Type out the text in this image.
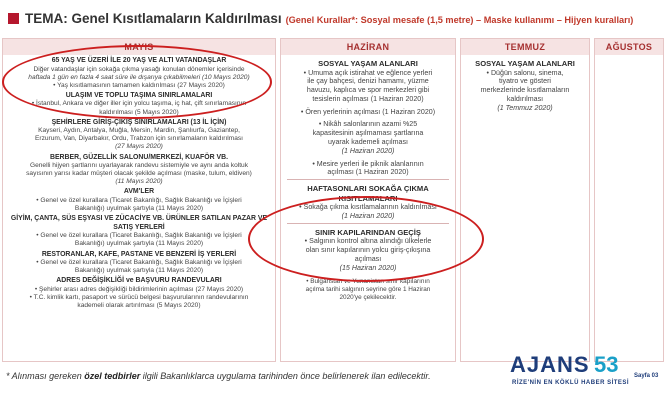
TEMA: Genel Kısıtlamaların Kaldırılması (Genel Kurallar*: Sosyal mesafe (1,5 metre) – Maske kullanımı – Hijyen kuralları)
MAYIS
65 YAŞ VE ÜZERİ İLE 20 YAŞ VE ALTI VATANDAŞLAR
Diğer vatandaşlar için sokağa çıkma yasağı konulan dönemler içerisinde
haftada 1 gün en fazla 4 saat süre ile dışarıya çıkabilmeleri (10 Mayıs 2020)
• Yaş kısıtlamasının tamamen kaldırılması (27 Mayıs 2020)
ULAŞIM VE TOPLU TAŞIMA SINIRLAMALARI
• İstanbul, Ankara ve diğer iller için yolcu taşıma, iç hat, çift sınırlamasının
kaldırılması (5 Mayıs 2020)
ŞEHİRLERE GİRİŞ-ÇIKIŞ SINIRLAMALARI (13 İL İÇİN)
Kayseri, Aydın, Antalya, Muğla, Mersin, Mardin, Şanlıurfa, Gaziantep,
Erzurum, Van, Diyarbakır, Ordu, Trabzon için sınırlamaların kaldırılması
(27 Mayıs 2020)
BERBER, GÜZELLİK SALONU/MERKEZİ, KUAFÖR VB.
Genelli hijyen şartlarını uyarlayarak randevu sistemiyle ve aynı anda koltuk
sayısının yarısı kadar müşteri olacak şekilde açılması (maske, tulum, eldiven)
(11 Mayıs 2020)
AVM'LER
• Genel ve özel kurallara (Ticaret Bakanlığı, Sağlık Bakanlığı ve İçişleri
Bakanlığı) uyulmak şartıyla (11 Mayıs 2020)
GİYİM, ÇANTA, SÜS EŞYASI VE ZÜCACİYE VB. ÜRÜNLER SATILAN PAZAR VE SATIŞ YERLERİ
• Genel ve özel kurallara (Ticaret Bakanlığı, Sağlık Bakanlığı ve İçişleri
Bakanlığı) uyulmak şartıyla (11 Mayıs 2020)
RESTORANLAR, KAFE, PASTANE VE BENZERİ İŞ YERLERİ
• Genel ve özel kurallara (Ticaret Bakanlığı, Sağlık Bakanlığı ve İçişleri
Bakanlığı) uyulmak şartıyla (11 Mayıs 2020)
ADRES DEĞİŞİKLİĞİ ve BAŞVURU RANDEVULARI
• Şehirler arası adres değişikliği bildirimlerinin açılması (27 Mayıs 2020)
• T.C. kimlik kartı, pasaport ve sürücü belgesi başvurularının randevularının
kademeli olarak artırılması (5 Mayıs 2020)
HAZİRAN
SOSYAL YAŞAM ALANLARI
• Umuma açık istirahat ve eğlence yerleri
ile çay bahçesi, denizi hamamı, yüzme
havuzu, kaplıca ve spor merkezleri gibi
tesislerin açılması (1 Haziran 2020)
• Ören yerlerinin açılması (1 Haziran 2020)
• Nikâh salonlarının azami %25
kapasitesinin aşılmaması şartlarına
uyarak kademeli açılması
(1 Haziran 2020)
• Mesire yerleri ile piknik alanlarının
açılması (1 Haziran 2020)
HAFTASONLARI SOKAĞA ÇIKMA KISITLAMALARI
• Sokağa çıkma kısıtlamalarının kaldırılması
(1 Haziran 2020)
SINIR KAPILARINDAN GEÇİŞ
• Salgının kontrol altına alındığı ülkelerle
olan sınır kapılarının yolcu giriş-çıkışına
açılması
(15 Haziran 2020)
• Bulgaristan ve Yunanistan sınır kapılarının
açılma tarihi salgının seyrine göre 1 Haziran
2020'ye çekilecektir.
TEMMUZ
SOSYAL YAŞAM ALANLARI
• Düğün salonu, sinema,
tiyatro ve gösteri
merkezlerinde kısıtlamaların
kaldırılması
(1 Temmuz 2020)
AĞUSTOS
* Alınması gereken özel tedbirler ilgili Bakanlıklarca uygulama tarihinden önce belirlenerek ilan edilecektir.	AJANS 53	Sayfa 03
RİZE'NİN EN KÖKLÜ HABER SİTESİ
